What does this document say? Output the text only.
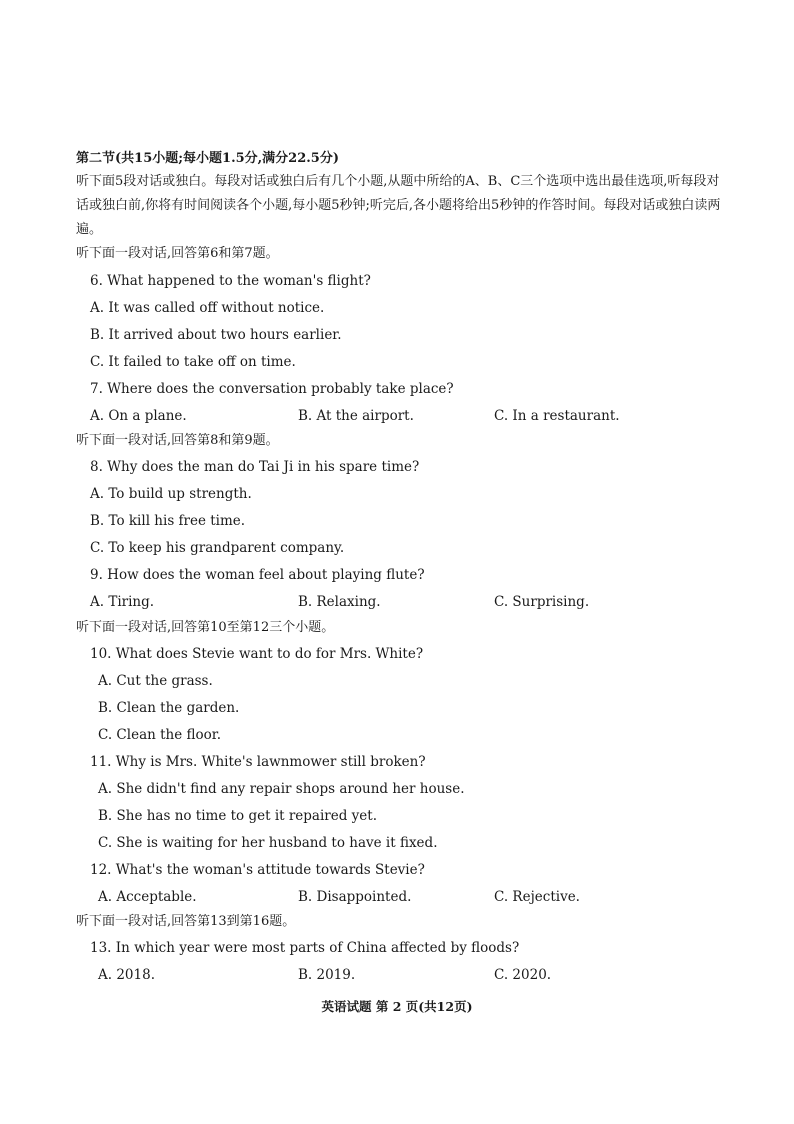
第二节(共15小题;每小题1.5分,满分22.5分)
听下面5段对话或独白。每段对话或独白后有几个小题,从题中所给的A、B、C三个选项中选出最佳选项,听每段对话或独白前,你将有时间阅读各个小题,每小题5秒钟;听完后,各小题将给出5秒钟的作答时间。每段对话或独白读两遍。
听下面一段对话,回答第6和第7题。
6. What happened to the woman's flight?
A. It was called off without notice.
B. It arrived about two hours earlier.
C. It failed to take off on time.
7. Where does the conversation probably take place?
A. On a plane.	B. At the airport.	C. In a restaurant.
听下面一段对话,回答第8和第9题。
8. Why does the man do Tai Ji in his spare time?
A. To build up strength.
B. To kill his free time.
C. To keep his grandparent company.
9. How does the woman feel about playing flute?
A. Tiring.	B. Relaxing.	C. Surprising.
听下面一段对话,回答第10至第12三个小题。
10. What does Stevie want to do for Mrs. White?
A. Cut the grass.
B. Clean the garden.
C. Clean the floor.
11. Why is Mrs. White's lawnmower still broken?
A. She didn't find any repair shops around her house.
B. She has no time to get it repaired yet.
C. She is waiting for her husband to have it fixed.
12. What's the woman's attitude towards Stevie?
A. Acceptable.	B. Disappointed.	C. Rejective.
听下面一段对话,回答第13到第16题。
13. In which year were most parts of China affected by floods?
A. 2018.	B. 2019.	C. 2020.
英语试题 第 2 页(共12页)
